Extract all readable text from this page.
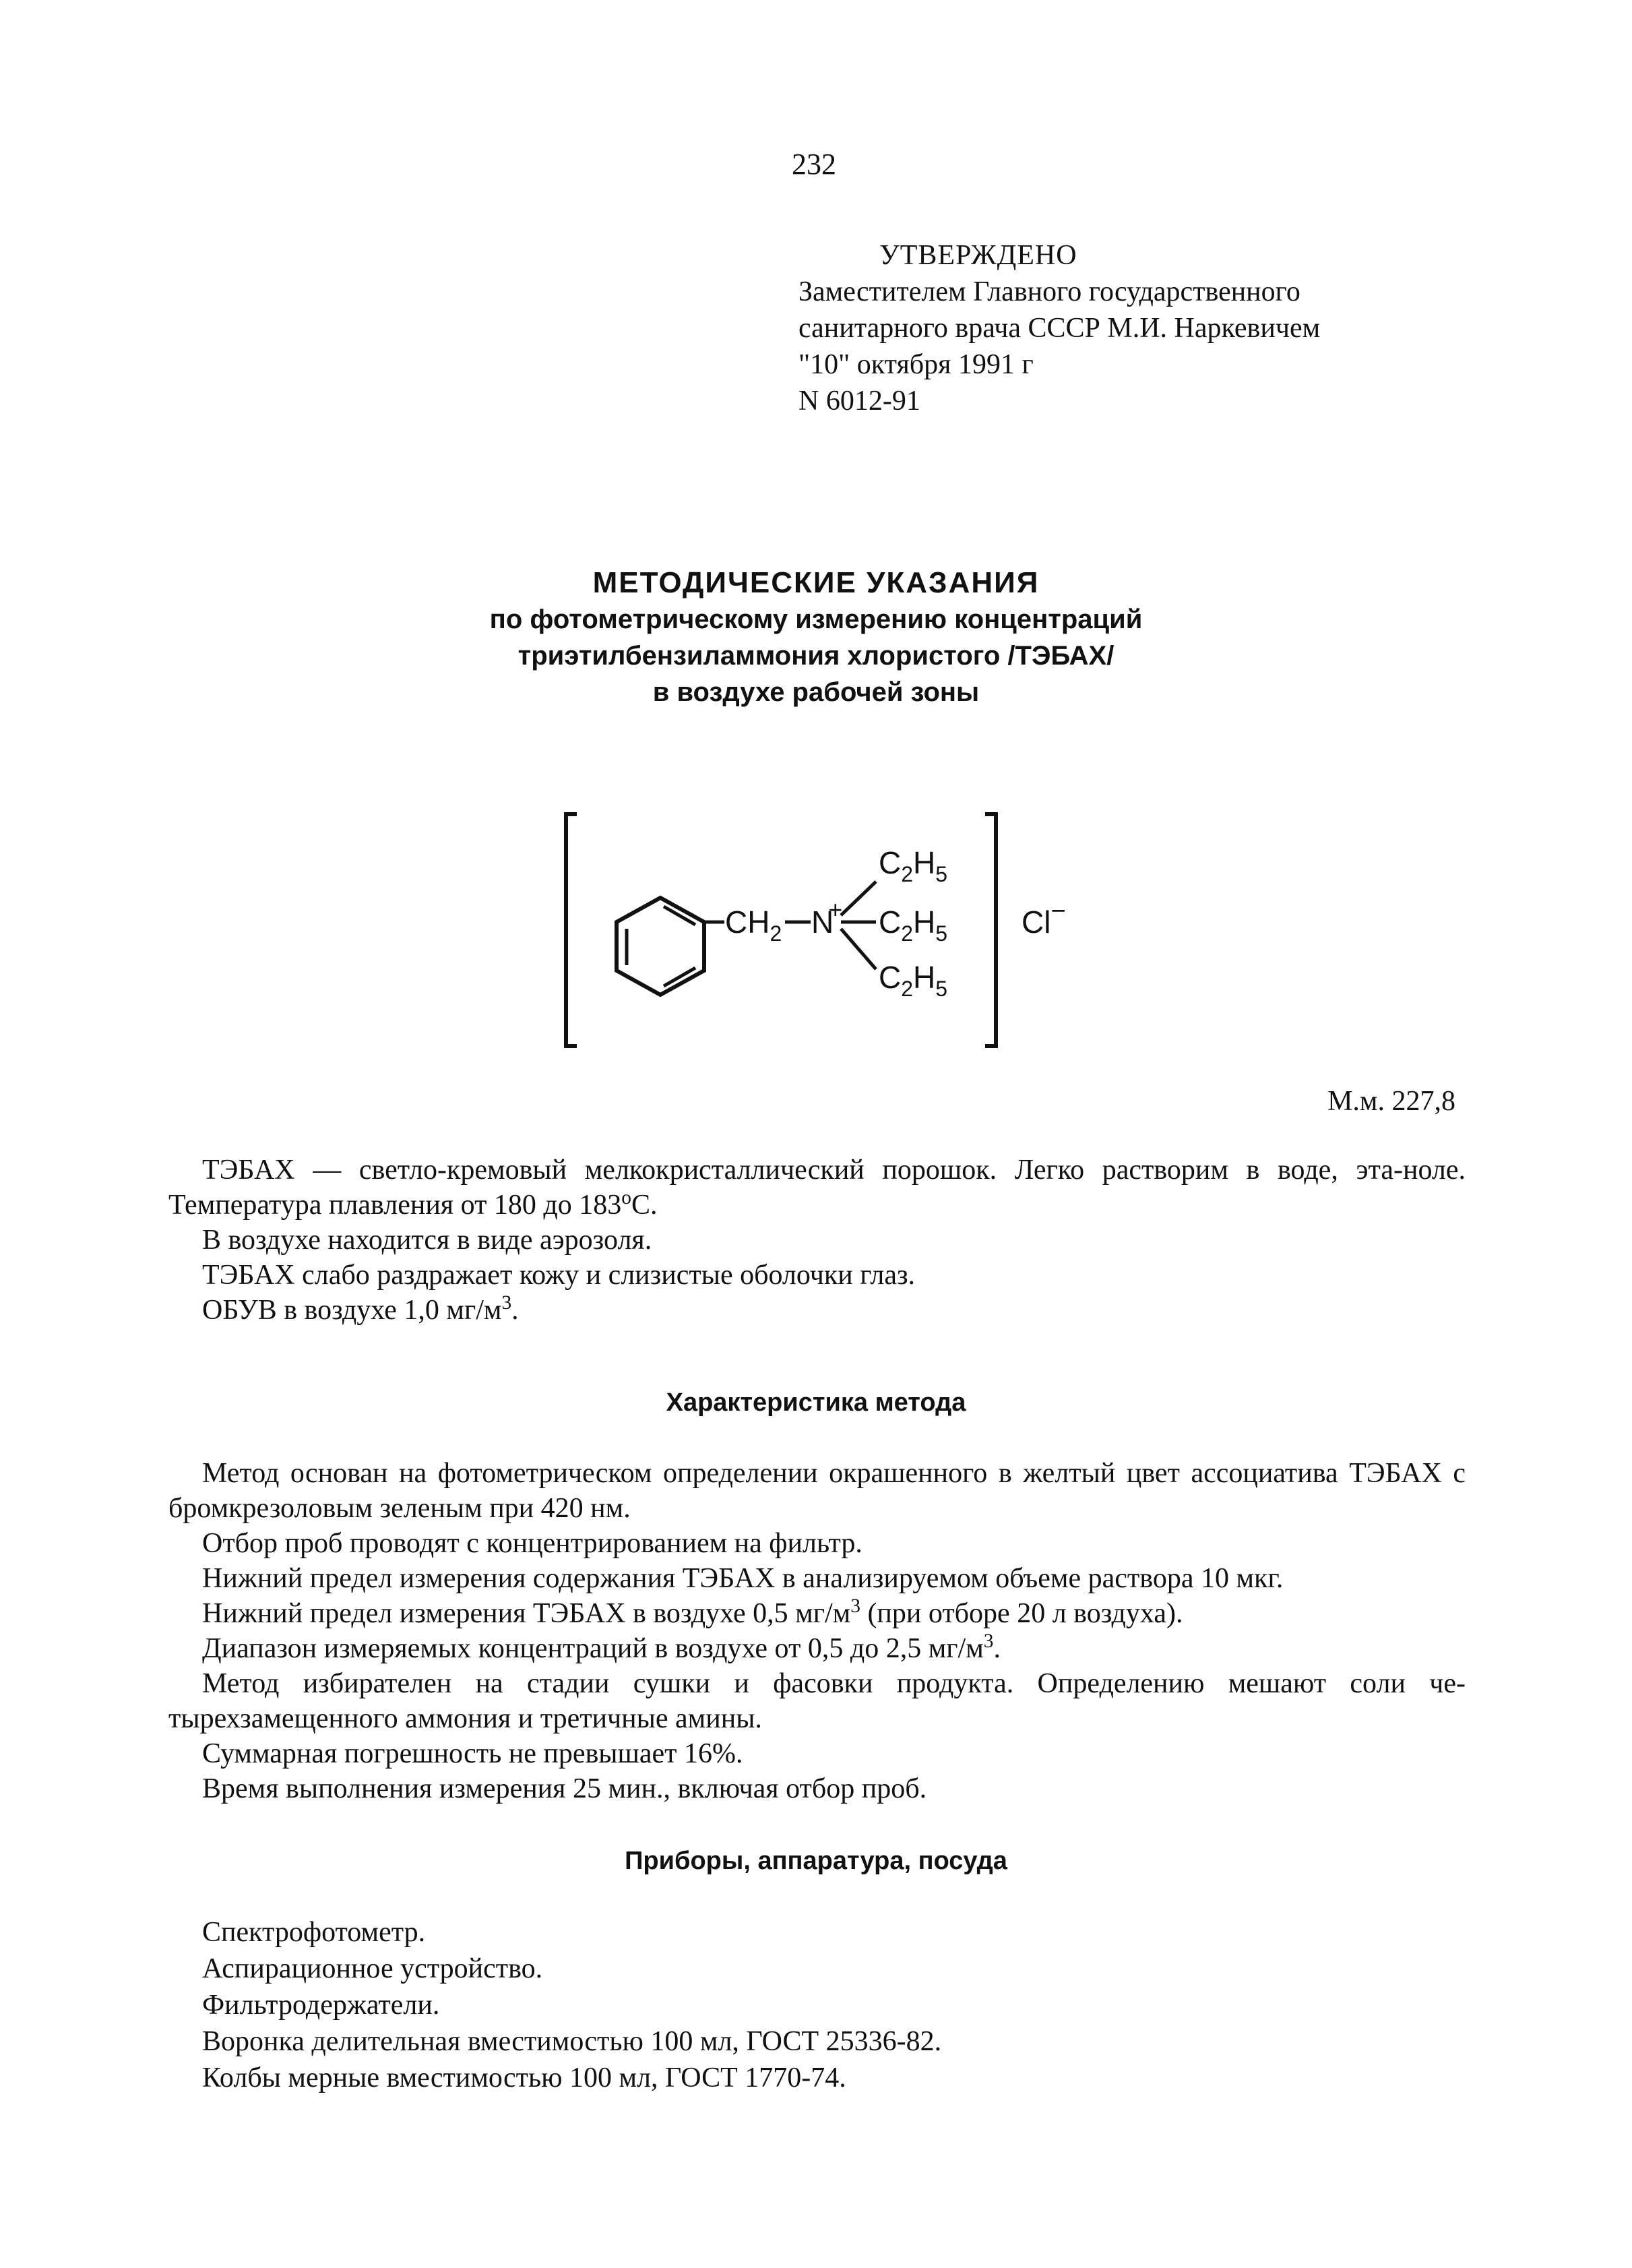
232
УТВЕРЖДЕНО
Заместителем Главного государственного
санитарного врача СССР М.И. Наркевичем
"10" октября 1991 г
N 6012-91
МЕТОДИЧЕСКИЕ УКАЗАНИЯ
по фотометрическому измерению концентраций
триэтилбензиламмония хлористого /ТЭБАХ/
в воздухе рабочей зоны
$CH_2$ N+
$C_2H_5$
$C_2H_5$
$C_2H_5$
Cl−
М.м. 227,8

ТЭБАХ — светло-кремовый мелкокристаллический порошок. Легко растворим в воде, эта-ноле. Температура плавления от 180 до $183^оС$.

В воздухе находится в виде аэрозоля.

ТЭБАХ слабо раздражает кожу и слизистые оболочки глаз.

ОБУВ в воздухе 1,0 $мг/м^3$.

Характеристика метода

Метод основан на фотометрическом определении окрашенного в желтый цвет ассоциатива ТЭБАХ с бромкрезоловым зеленым при 420 нм.

Отбор проб проводят с концентрированием на фильтр.

Нижний предел измерения содержания ТЭБАХ в анализируемом объеме раствора 10 мкг.

Нижний предел измерения ТЭБАХ в воздухе 0,5 $мг/м^3$ (при отборе 20 л воздуха).

Диапазон измеряемых концентраций в воздухе от 0,5 до 2,5 $мг/м^3$.

Метод избирателен на стадии сушки и фасовки продукта. Определению мешают соли че-тырехзамещенного аммония и третичные амины.

Суммарная погрешность не превышает 16%.

Время выполнения измерения 25 мин., включая отбор проб.

Приборы, аппаратура, посуда

Спектрофотометр.

Аспирационное устройство.

Фильтродержатели.

Воронка делительная вместимостью 100 мл, ГОСТ 25336-82.

Колбы мерные вместимостью 100 мл, ГОСТ 1770-74.
